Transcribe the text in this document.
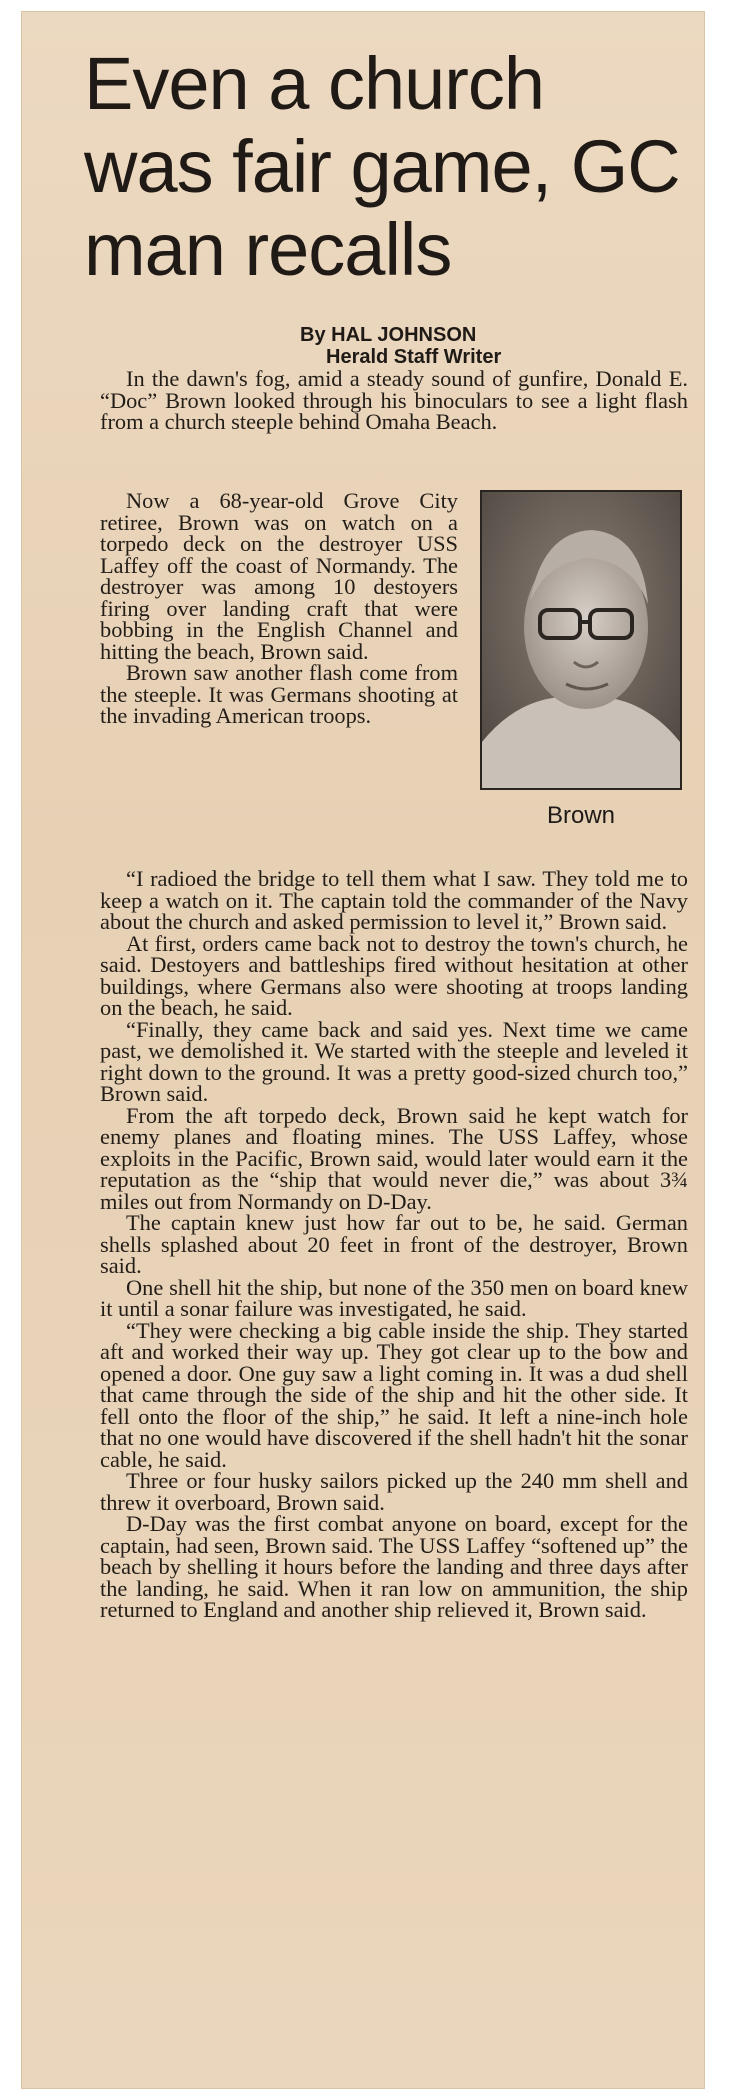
Even a church was fair game, GC man recalls
By HAL JOHNSON
Herald Staff Writer

In the dawn's fog, amid a steady sound of gunfire, Donald E. “Doc” Brown looked through his binoculars to see a light flash from a church steeple behind Omaha Beach.

Now a 68-year-old Grove City retiree, Brown was on watch on a torpedo deck on the destroyer USS Laffey off the coast of Normandy. The destroyer was among 10 destoyers firing over landing craft that were bobbing in the English Channel and hitting the beach, Brown said.

Brown saw another flash come from the steeple. It was Germans shooting at the invading American troops.

Brown

“I radioed the bridge to tell them what I saw. They told me to keep a watch on it. The captain told the commander of the Navy about the church and asked permission to level it,” Brown said.

At first, orders came back not to destroy the town's church, he said. Destoyers and battleships fired without hesitation at other buildings, where Germans also were shooting at troops landing on the beach, he said.

“Finally, they came back and said yes. Next time we came past, we demolished it. We started with the steeple and leveled it right down to the ground. It was a pretty good-sized church too,” Brown said.

From the aft torpedo deck, Brown said he kept watch for enemy planes and floating mines. The USS Laffey, whose exploits in the Pacific, Brown said, would later would earn it the reputation as the “ship that would never die,” was about 3¾ miles out from Normandy on D-Day.

The captain knew just how far out to be, he said. German shells splashed about 20 feet in front of the destroyer, Brown said.

One shell hit the ship, but none of the 350 men on board knew it until a sonar failure was investigated, he said.

“They were checking a big cable inside the ship. They started aft and worked their way up. They got clear up to the bow and opened a door. One guy saw a light coming in. It was a dud shell that came through the side of the ship and hit the other side. It fell onto the floor of the ship,” he said. It left a nine-inch hole that no one would have discovered if the shell hadn't hit the sonar cable, he said.

Three or four husky sailors picked up the 240 mm shell and threw it overboard, Brown said.

D-Day was the first combat anyone on board, except for the captain, had seen, Brown said. The USS Laffey “softened up” the beach by shelling it hours before the landing and three days after the landing, he said. When it ran low on ammunition, the ship returned to England and another ship relieved it, Brown said.
